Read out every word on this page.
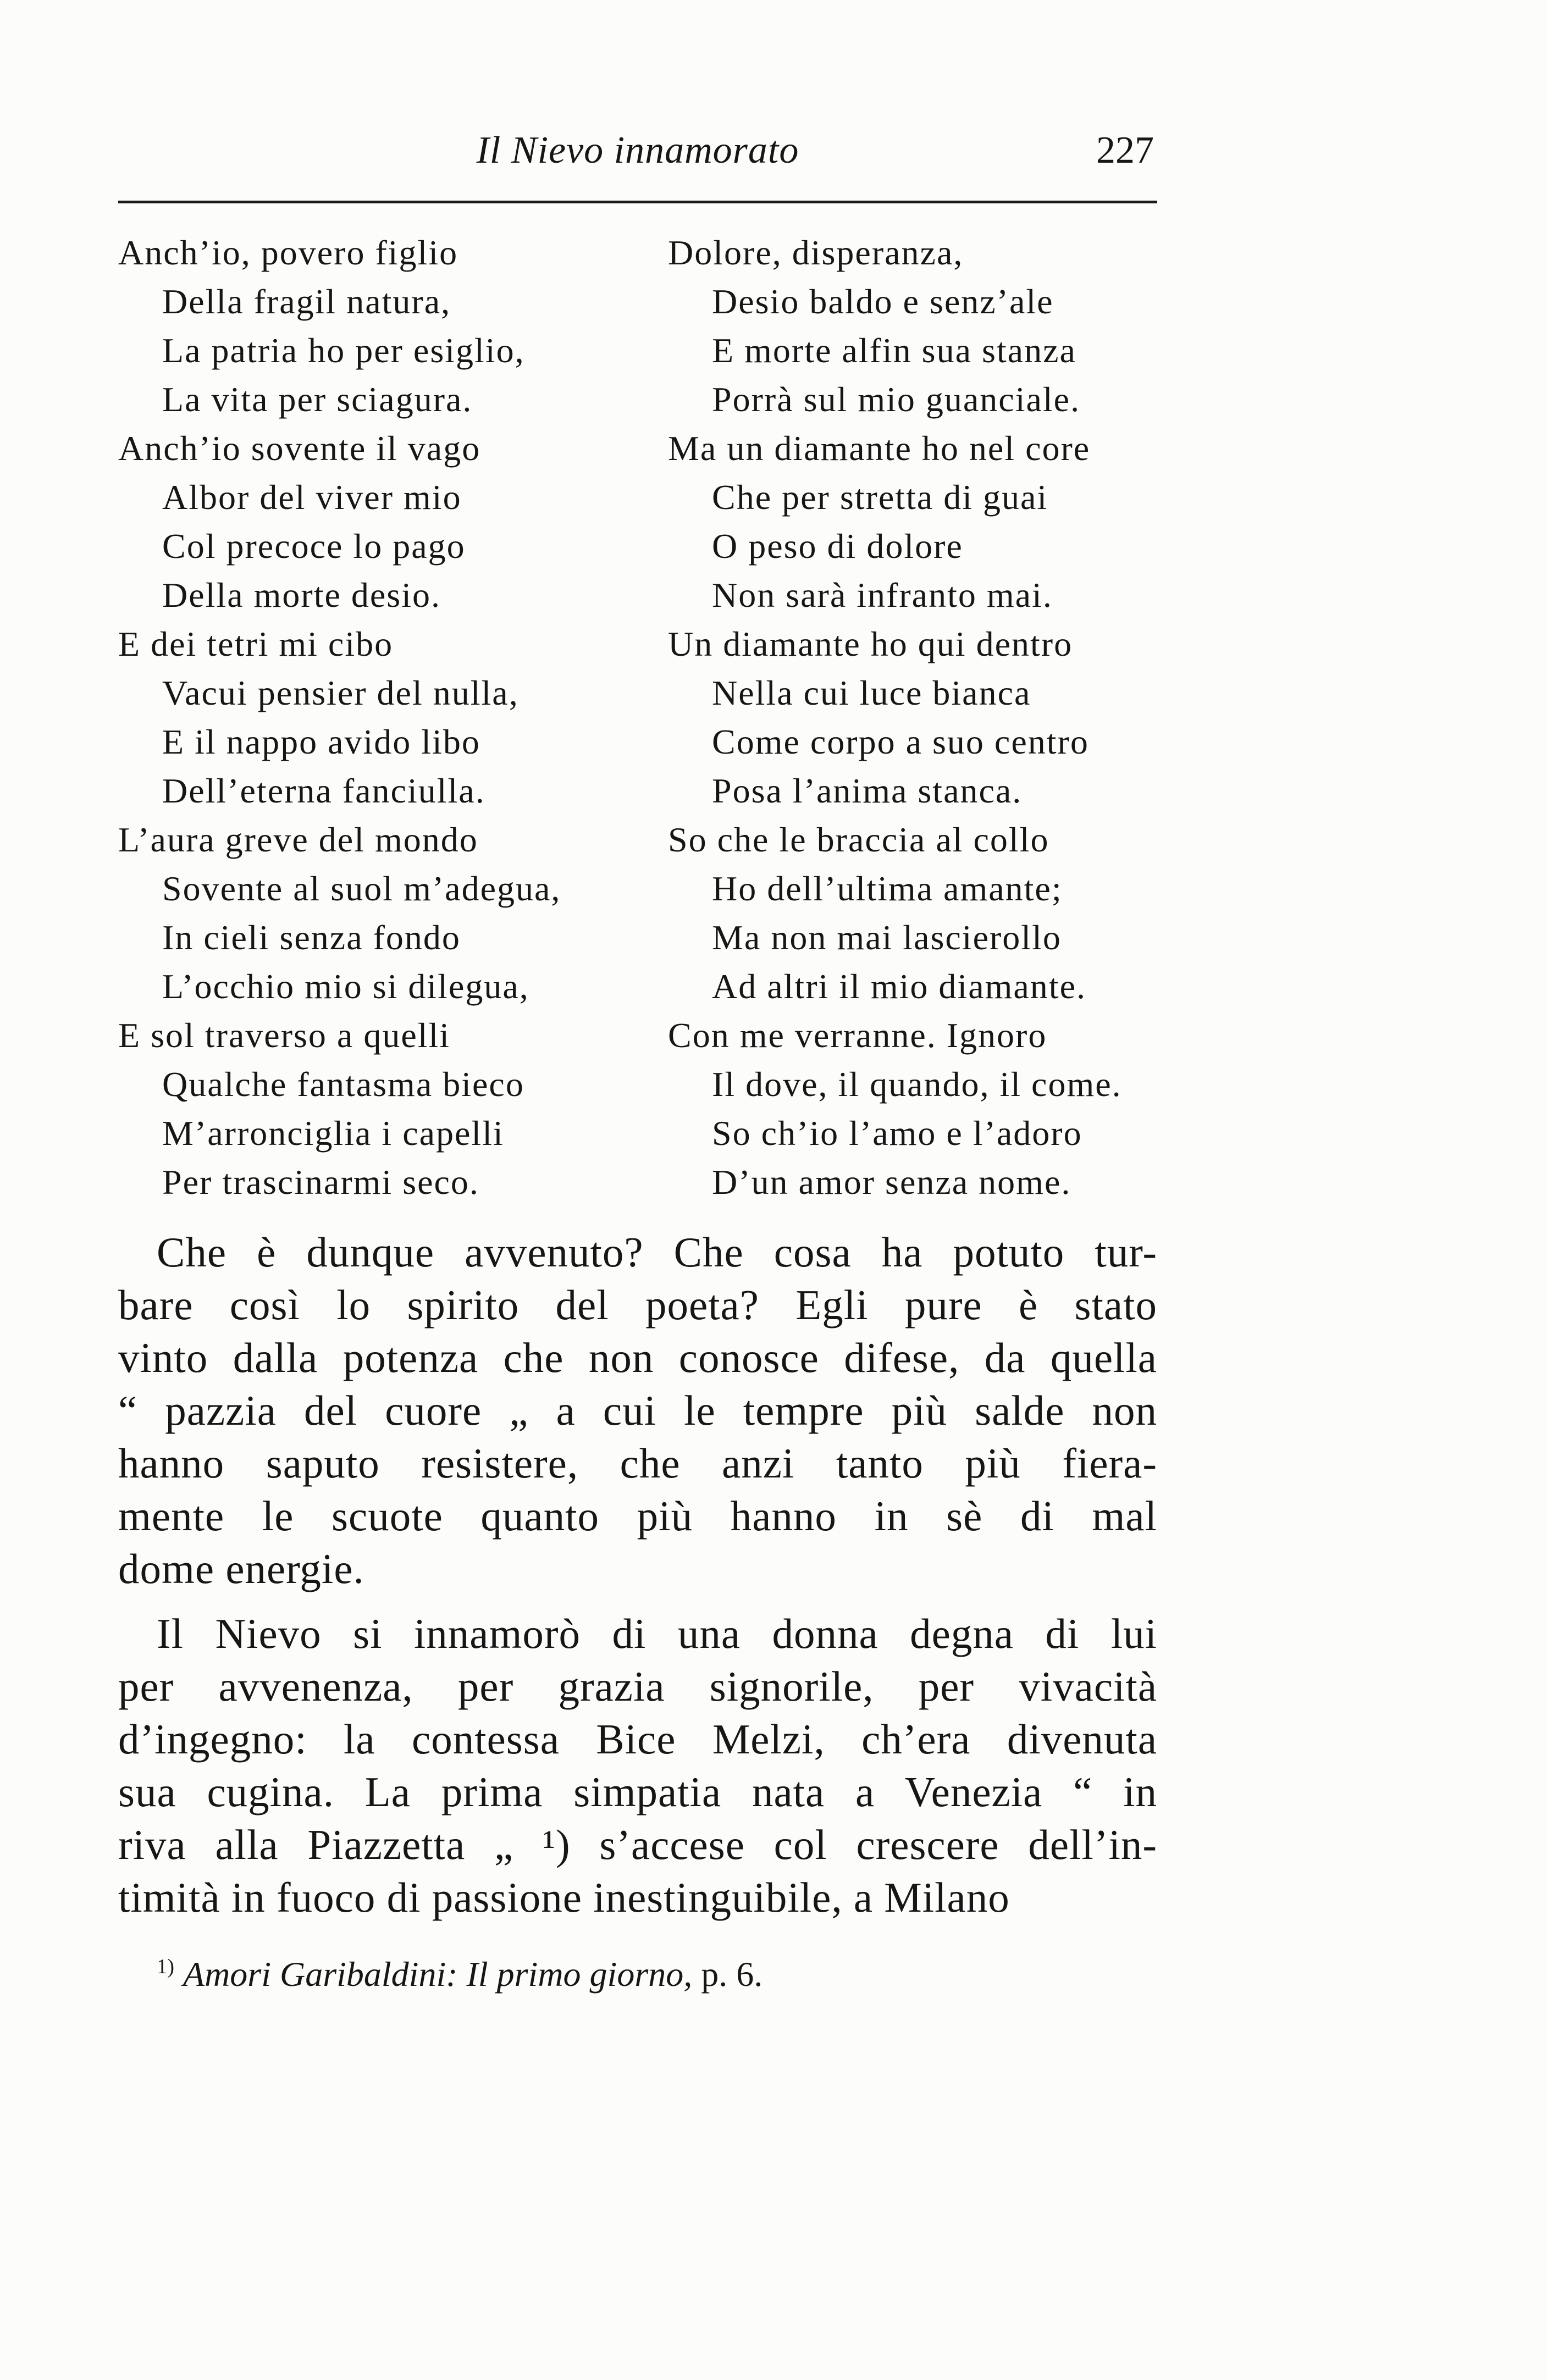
Il Nievo innamorato	227
Anch’io, povero figlio
Della fragil natura,
La patria ho per esiglio,
La vita per sciagura.
Anch’io sovente il vago
Albor del viver mio
Col precoce lo pago
Della morte desio.
E dei tetri mi cibo
Vacui pensier del nulla,
E il nappo avido libo
Dell’eterna fanciulla.
L’aura greve del mondo
Sovente al suol m’adegua,
In cieli senza fondo
L’occhio mio si dilegua,
E sol traverso a quelli
Qualche fantasma bieco
M’arronciglia i capelli
Per trascinarmi seco.
Dolore, disperanza,
Desio baldo e senz’ale
E morte alfin sua stanza
Porrà sul mio guanciale.
Ma un diamante ho nel core
Che per stretta di guai
O peso di dolore
Non sarà infranto mai.
Un diamante ho qui dentro
Nella cui luce bianca
Come corpo a suo centro
Posa l’anima stanca.
So che le braccia al collo
Ho dell’ultima amante;
Ma non mai lascierollo
Ad altri il mio diamante.
Con me verranne. Ignoro
Il dove, il quando, il come.
So ch’io l’amo e l’adoro
D’un amor senza nome.
Che è dunque avvenuto? Che cosa ha potuto tur-
bare così lo spirito del poeta? Egli pure è stato
vinto dalla potenza che non conosce difese, da quella
“ pazzia del cuore „ a cui le tempre più salde non
hanno saputo resistere, che anzi tanto più fiera-
mente le scuote quanto più hanno in sè di mal
dome energie.
Il Nievo si innamorò di una donna degna di lui
per avvenenza, per grazia signorile, per vivacità
d’ingegno: la contessa Bice Melzi, ch’era divenuta
sua cugina. La prima simpatia nata a Venezia “ in
riva alla Piazzetta „ ¹) s’accese col crescere dell’in-
timità in fuoco di passione inestinguibile, a Milano
$^{1)}$ Amori Garibaldini: Il primo giorno, p. 6.
